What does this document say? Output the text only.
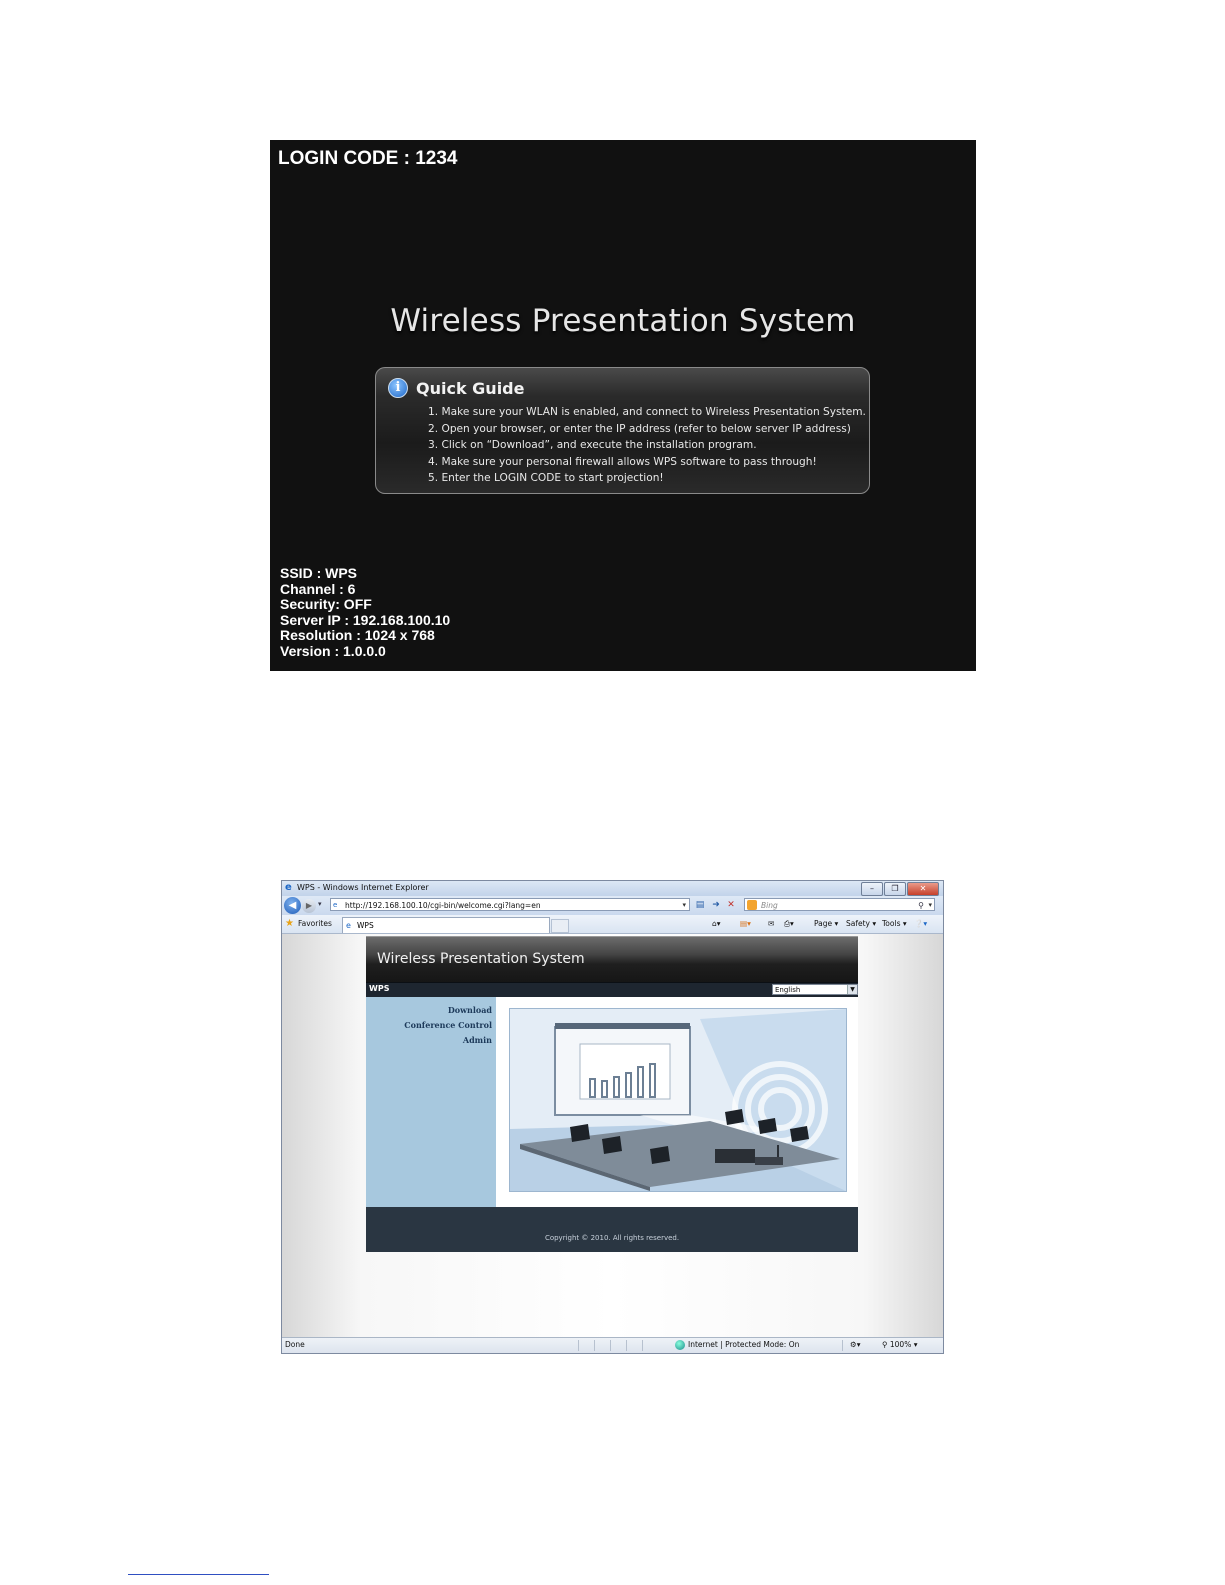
LOGIN CODE : 1234
Wireless Presentation System
i Quick Guide
1. Make sure your WLAN is enabled, and connect to Wireless Presentation System.
2. Open your browser, or enter the IP address (refer to below server IP address)
3. Click on “Download”, and execute the installation program.
4. Make sure your personal firewall allows WPS software to pass through!
5. Enter the LOGIN CODE to start projection!
SSID : WPS
Channel : 6
Security: OFF
Server IP : 192.168.100.10
Resolution : 1024 x 768
Version : 1.0.0.0
e WPS - Windows Internet Explorer	–	❐	✕
◀	▶ ▾ e	http://192.168.100.10/cgi-bin/welcome.cgi?lang=en	▾ ▤ ➜ ✕	Bing	⚲ ▾
★ Favorites e WPS	⌂▾	▤▾ ✉ ⎙▾	Page ▾ Safety ▾ Tools ▾ ❔▾
Wireless Presentation System
WPS	English	▼
Download
Conference Control
Admin
Copyright © 2010. All rights reserved.
Done	Internet | Protected Mode: On	⚙▾	⚲ 100% ▾
